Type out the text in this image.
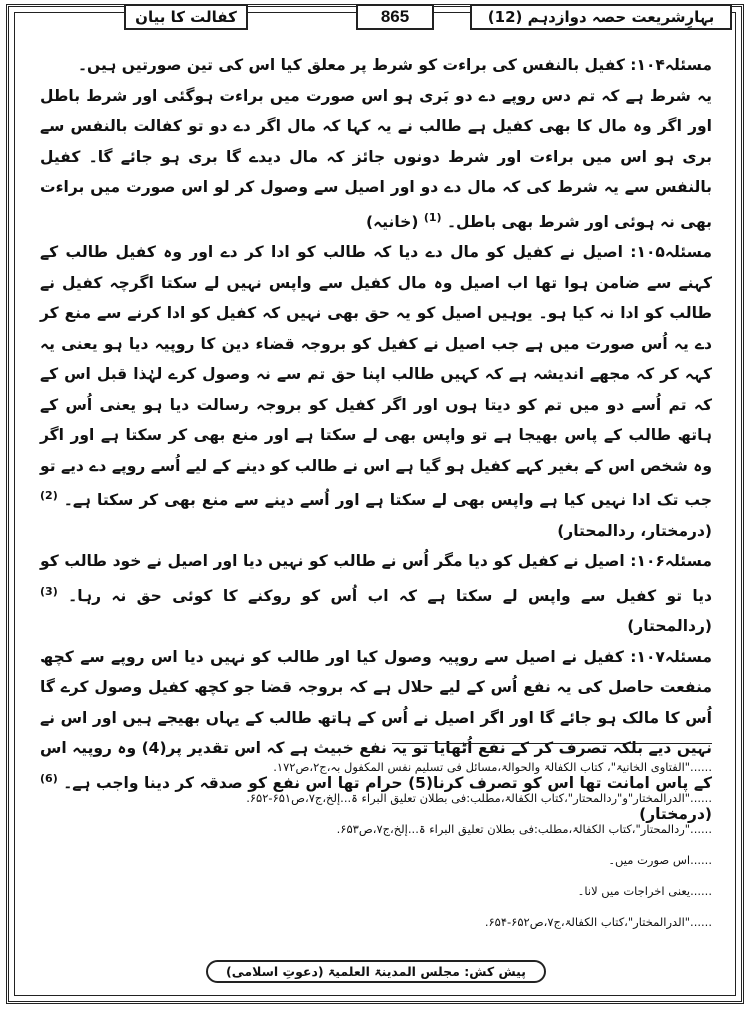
بہارِشریعت حصہ دوازدہم (12)
865
کفالت کا بیان

مسئلہ۱۰۴: کفیل بالنفس کی براءت کو شرط پر معلق کیا اس کی تین صورتیں ہیں۔

یہ شرط ہے کہ تم دس روپے دے دو بَری ہو اس صورت میں براءت ہوگئی اور شرط باطل اور اگر وہ مال کا بھی کفیل ہے طالب نے یہ کہا کہ مال اگر دے دو تو کفالت بالنفس سے بری ہو اس میں براءت اور شرط دونوں جائز کہ مال دیدے گا بری ہو جائے گا۔ کفیل بالنفس سے یہ شرط کی کہ مال دے دو اور اصیل سے وصول کر لو اس صورت میں براءت بھی نہ ہوئی اور شرط بھی باطل۔ $^{(1)}$ (خانیہ)

مسئلہ۱۰۵: اصیل نے کفیل کو مال دے دیا کہ طالب کو ادا کر دے اور وہ کفیل طالب کے کہنے سے ضامن ہوا تھا اب اصیل وہ مال کفیل سے واپس نہیں لے سکتا اگرچہ کفیل نے طالب کو ادا نہ کیا ہو۔ یوہیں اصیل کو یہ حق بھی نہیں کہ کفیل کو ادا کرنے سے منع کر دے یہ اُس صورت میں ہے جب اصیل نے کفیل کو بروجہ قضاء دین کا روپیہ دیا ہو یعنی یہ کہہ کر کہ مجھے اندیشہ ہے کہ کہیں طالب اپنا حق تم سے نہ وصول کرے لہٰذا قبل اس کے کہ تم اُسے دو میں تم کو دیتا ہوں اور اگر کفیل کو بروجہ رسالت دیا ہو یعنی اُس کے ہاتھ طالب کے پاس بھیجا ہے تو واپس بھی لے سکتا ہے اور منع بھی کر سکتا ہے اور اگر وہ شخص اس کے بغیر کہے کفیل ہو گیا ہے اس نے طالب کو دینے کے لیے اُسے روپے دے دیے تو جب تک ادا نہیں کیا ہے واپس بھی لے سکتا ہے اور اُسے دینے سے منع بھی کر سکتا ہے۔ $^{(2)}$ (درمختار، ردالمحتار)

مسئلہ۱۰۶: اصیل نے کفیل کو دیا مگر اُس نے طالب کو نہیں دیا اور اصیل نے خود طالب کو دیا تو کفیل سے واپس لے سکتا ہے کہ اب اُس کو روکنے کا کوئی حق نہ رہا۔ $^{(3)}$ (ردالمحتار)

مسئلہ۱۰۷: کفیل نے اصیل سے روپیہ وصول کیا اور طالب کو نہیں دیا اس روپے سے کچھ منفعت حاصل کی یہ نفع اُس کے لیے حلال ہے کہ بروجہ قضا جو کچھ کفیل وصول کرے گا اُس کا مالک ہو جائے گا اور اگر اصیل نے اُس کے ہاتھ طالب کے یہاں بھیجے ہیں اور اس نے نہیں دیے بلکہ تصرف کر کے نفع اُٹھایا تو یہ نفع خبیث ہے کہ اس تقدیر پر(4) وہ روپیہ اس کے پاس امانت تھا اس کو تصرف کرنا(5) حرام تھا اس نفع کو صدقہ کر دینا واجب ہے۔ $^{(6)}$ (درمختار)

......"الفتاوی الخانیۃ"، کتاب الکفالۃ والحوالۃ،مسائل فی تسلیم نفس المکفول بہ،ج۲،ص۱۷۲.
......"الدرالمختار"و"ردالمحتار"،کتاب الکفالۃ،مطلب:فی بطلان تعلیق البراء ۃ...إلخ،ج۷،ص۶۵۱-۶۵۲.
......"ردالمحتار"،کتاب الکفالۃ،مطلب:فی بطلان تعلیق البراء ۃ...إلخ،ج۷،ص۶۵۳.
......اس صورت میں۔
......یعنی اخراجات میں لانا۔
......"الدرالمختار"،کتاب الکفالۃ،ج۷،ص۶۵۲-۶۵۴.
پیش کش: مجلس المدینۃ العلمیۃ (دعوتِ اسلامی)
